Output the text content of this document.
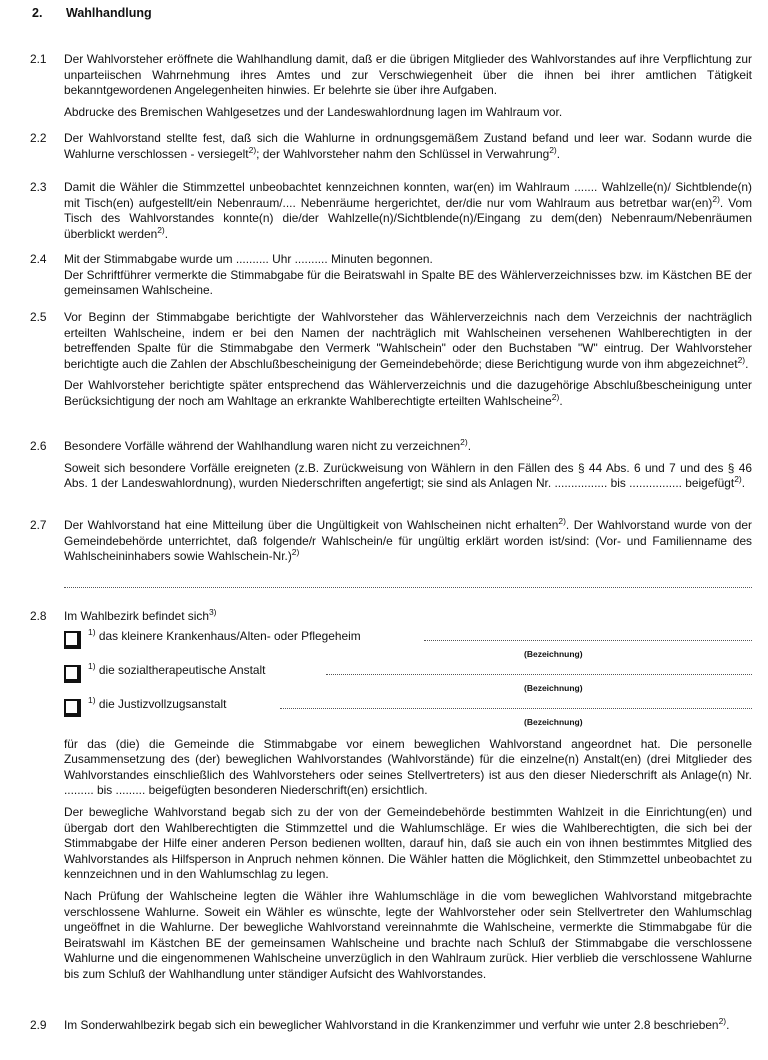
2. Wahlhandlung
2.1	Der Wahlvorsteher eröffnete die Wahlhandlung damit, daß er die übrigen Mitglieder des Wahlvorstandes auf ihre Verpflichtung zur unparteiischen Wahrnehmung ihres Amtes und zur Verschwiegenheit über die ihnen bei ihrer amtlichen Tätigkeit bekanntgewordenen Angelegenheiten hinwies. Er belehrte sie über ihre Aufgaben.

Abdrucke des Bremischen Wahlgesetzes und der Landeswahlordnung lagen im Wahlraum vor.

2.2	Der Wahlvorstand stellte fest, daß sich die Wahlurne in ordnungsgemäßem Zustand befand und leer war. Sodann wurde die Wahlurne verschlossen - versiegelt$^{2)}$; der Wahlvorsteher nahm den Schlüssel in Verwahrung$^{2)}$.

2.3	Damit die Wähler die Stimmzettel unbeobachtet kennzeichnen konnten, war(en) im Wahlraum ....... Wahlzelle(n)/ Sichtblende(n) mit Tisch(en) aufgestellt/ein Nebenraum/.... Nebenräume hergerichtet, der/die nur vom Wahlraum aus betretbar war(en)$^{2)}$. Vom Tisch des Wahlvorstandes konnte(n) die/der Wahlzelle(n)/Sichtblende(n)/Eingang zu dem(den) Nebenraum/Nebenräumen überblickt werden$^{2)}$.

2.4	Mit der Stimmabgabe wurde um .......... Uhr .......... Minuten begonnen.

Der Schriftführer vermerkte die Stimmabgabe für die Beiratswahl in Spalte BE des Wählerverzeichnisses bzw. im Kästchen BE der gemeinsamen Wahlscheine.

2.5	Vor Beginn der Stimmabgabe berichtigte der Wahlvorsteher das Wählerverzeichnis nach dem Verzeichnis der nachträglich erteilten Wahlscheine, indem er bei den Namen der nachträglich mit Wahlscheinen versehenen Wahlberechtigten in der betreffenden Spalte für die Stimmabgabe den Vermerk "Wahlschein" oder den Buchstaben "W" eintrug. Der Wahlvorsteher berichtigte auch die Zahlen der Abschlußbescheinigung der Gemeindebehörde; diese Berichtigung wurde von ihm abgezeichnet$^{2)}$.

Der Wahlvorsteher berichtigte später entsprechend das Wählerverzeichnis und die dazugehörige Abschlußbescheinigung unter Berücksichtigung der noch am Wahltage an erkrankte Wahlberechtigte erteilten Wahlscheine$^{2)}$.

2.6	Besondere Vorfälle während der Wahlhandlung waren nicht zu verzeichnen$^{2)}$.

Soweit sich besondere Vorfälle ereigneten (z.B. Zurückweisung von Wählern in den Fällen des § 44 Abs. 6 und 7 und des § 46 Abs. 1 der Landeswahlordnung), wurden Niederschriften angefertigt; sie sind als Anlagen Nr. ................ bis ................ beigefügt$^{2)}$.

2.7	Der Wahlvorstand hat eine Mitteilung über die Ungültigkeit von Wahlscheinen nicht erhalten$^{2)}$. Der Wahlvorstand wurde von der Gemeindebehörde unterrichtet, daß folgende/r Wahlschein/e für ungültig erklärt worden ist/sind: (Vor- und Familienname des Wahlscheininhabers sowie Wahlschein-Nr.)$^{2)}$

2.8	Im Wahlbezirk befindet sich$^{3)}$

$^{1)}$ das kleinere Krankenhaus/Alten- oder Pflegeheim
(Bezeichnung)
$^{1)}$ die sozialtherapeutische Anstalt
(Bezeichnung)
$^{1)}$ die Justizvollzugsanstalt
(Bezeichnung)

für das (die) die Gemeinde die Stimmabgabe vor einem beweglichen Wahlvorstand angeordnet hat. Die personelle Zusammensetzung des (der) beweglichen Wahlvorstandes (Wahlvorstände) für die einzelne(n) Anstalt(en) (drei Mitglieder des Wahlvorstandes einschließlich des Wahlvorstehers oder seines Stellvertreters) ist aus den dieser Niederschrift als Anlage(n) Nr. ......... bis ......... beigefügten besonderen Niederschrift(en) ersichtlich.

Der bewegliche Wahlvorstand begab sich zu der von der Gemeindebehörde bestimmten Wahlzeit in die Einrichtung(en) und übergab dort den Wahlberechtigten die Stimmzettel und die Wahlumschläge. Er wies die Wahlberechtigten, die sich bei der Stimmabgabe der Hilfe einer anderen Person bedienen wollten, darauf hin, daß sie auch ein von ihnen bestimmtes Mitglied des Wahlvorstandes als Hilfsperson in Anpruch nehmen können. Die Wähler hatten die Möglichkeit, den Stimmzettel unbeobachtet zu kennzeichnen und in den Wahlumschlag zu legen.

Nach Prüfung der Wahlscheine legten die Wähler ihre Wahlumschläge in die vom beweglichen Wahlvorstand mitgebrachte verschlossene Wahlurne. Soweit ein Wähler es wünschte, legte der Wahlvorsteher oder sein Stellvertreter den Wahlumschlag ungeöffnet in die Wahlurne. Der bewegliche Wahlvorstand vereinnahmte die Wahlscheine, vermerkte die Stimmabgabe für die Beiratswahl im Kästchen BE der gemeinsamen Wahlscheine und brachte nach Schluß der Stimmabgabe die verschlossene Wahlurne und die eingenommenen Wahlscheine unverzüglich in den Wahlraum zurück. Hier verblieb die verschlossene Wahlurne bis zum Schluß der Wahlhandlung unter ständiger Aufsicht des Wahlvorstandes.

2.9	Im Sonderwahlbezirk begab sich ein beweglicher Wahlvorstand in die Krankenzimmer und verfuhr wie unter 2.8 beschrieben$^{2)}$.
